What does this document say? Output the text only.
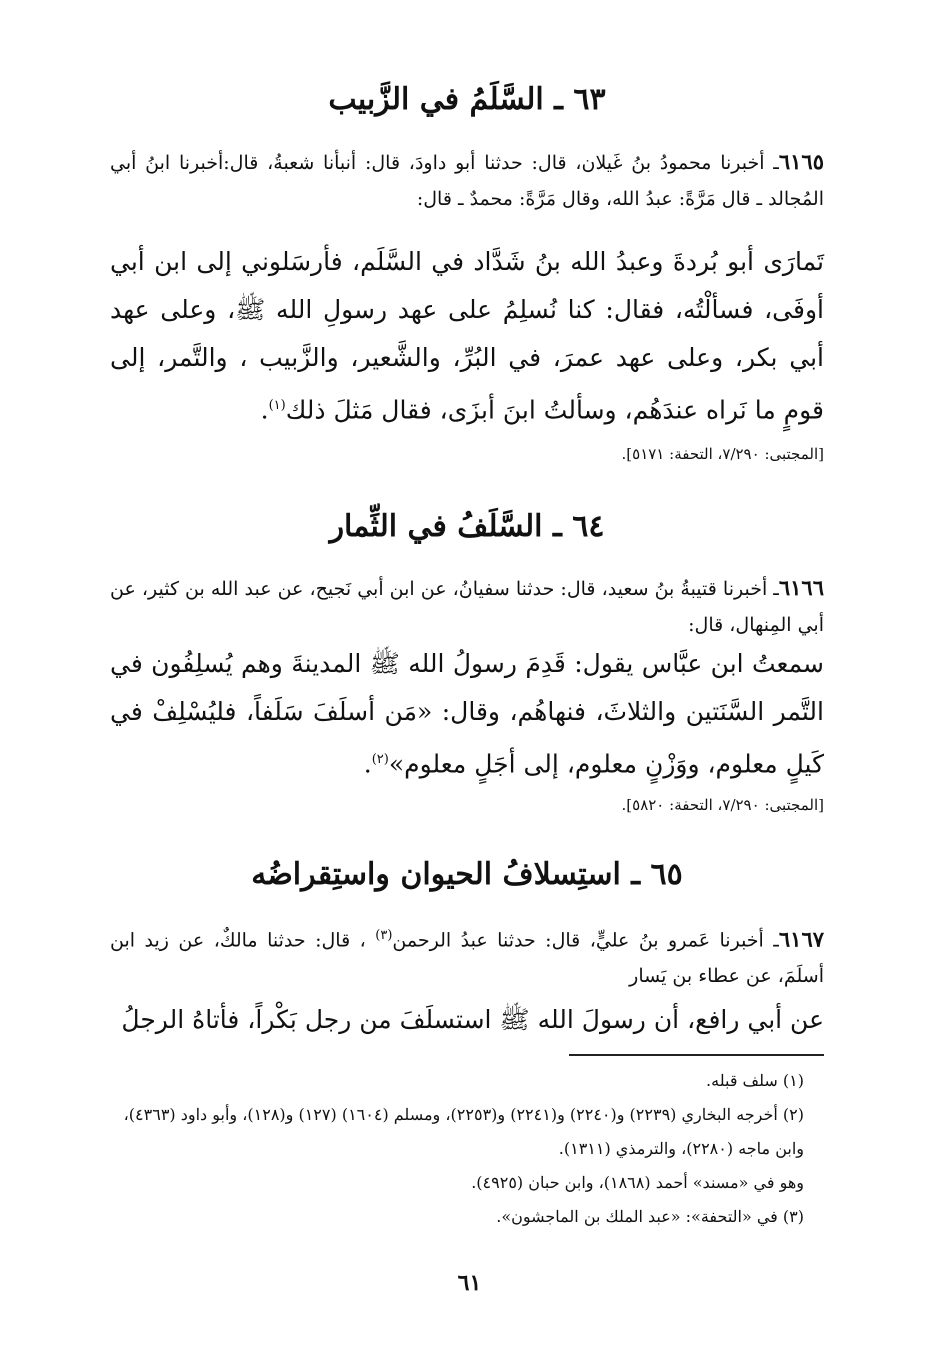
٦٣ ـ السَّلَمُ في الزَّبيب
٦١٦٥ـ أخبرنا محمودُ بنُ غَيلان، قال: حدثنا أبو داودَ، قال: أنبأنا شعبةُ، قال:أخبرنا ابنُ أبي المُجالد ـ قال مَرَّةً: عبدُ الله، وقال مَرَّةً: محمدٌ ـ قال:
تَمارَى أبو بُردةَ وعبدُ الله بنُ شَدَّاد في السَّلَم، فأرسَلوني إلى ابن أبي أوفَى، فسألْتُه، فقال: كنا نُسلِمُ على عهد رسولِ الله ﷺ، وعلى عهد أبي بكر، وعلى عهد عمرَ، في البُرِّ، والشَّعير، والزَّبيب ، والتَّمر، إلى قومٍ ما نَراه عندَهُم، وسألتُ ابنَ أبزَى، فقال مَثلَ ذلك$^{(١)}$.
[المجتبى: ٧/٢٩٠، التحفة: ٥١٧١].
٦٤ ـ السَّلَفُ في الثِّمار
٦١٦٦ـ أخبرنا قتيبةُ بنُ سعيد، قال: حدثنا سفيانُ، عن ابن أبي نَجيح، عن عبد الله بن كثير، عن أبي المِنهال، قال:
سمعتُ ابن عبَّاس يقول: قَدِمَ رسولُ الله ﷺ المدينةَ وهم يُسلِفُون في التَّمر السَّنَتين والثلاثَ، فنهاهُم، وقال: «مَن أسلَفَ سَلَفاً، فليُسْلِفْ في كَيلٍ معلوم، ووَزْنٍ معلوم، إلى أجَلٍ معلوم»$^{(٢)}$.
[المجتبى: ٧/٢٩٠، التحفة: ٥٨٢٠].
٦٥ ـ استِسلافُ الحيوان واستِقراضُه
٦١٦٧ـ أخبرنا عَمرو بنُ عليٍّ، قال: حدثنا عبدُ الرحمن$^{(٣)}$ ، قال: حدثنا مالكٌ، عن زيد ابن أسلَمَ، عن عطاء بن يَسار
عن أبي رافع، أن رسولَ الله ﷺ استسلَفَ من رجل بَكْراً، فأتاهُ الرجلُ
(١) سلف قبله.
(٢) أخرجه البخاري (٢٢٣٩) و(٢٢٤٠) و(٢٢٤١) و(٢٢٥٣)، ومسلم (١٦٠٤) (١٢٧) و(١٢٨)، وأبو داود (٤٣٦٣)، وابن ماجه (٢٢٨٠)، والترمذي (١٣١١).
وهو في «مسند» أحمد (١٨٦٨)، وابن حبان (٤٩٢٥).
(٣) في «التحفة»: «عبد الملك بن الماجشون».
٦١
